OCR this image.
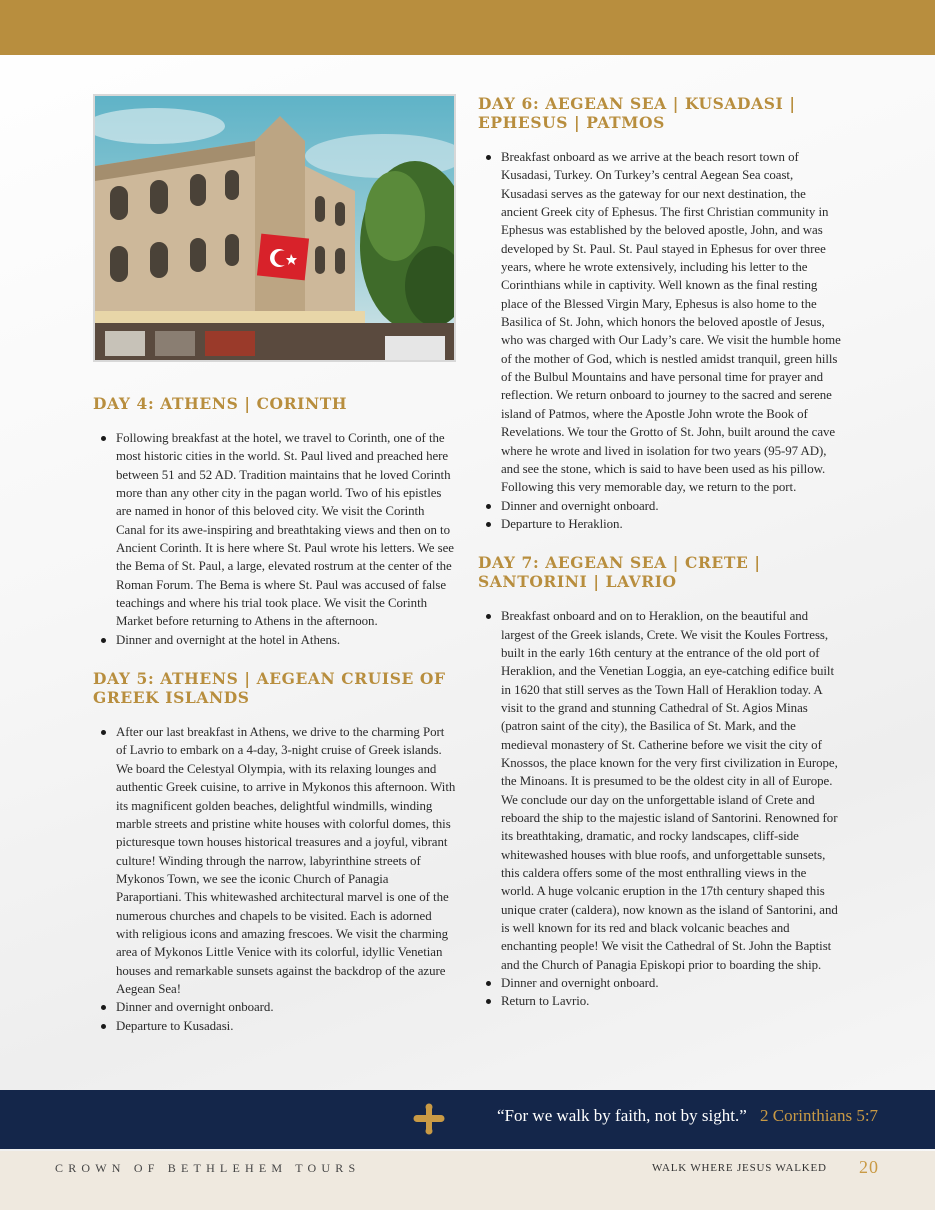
DAY 4: ATHENS | CORINTH
Following breakfast at the hotel, we travel to Corinth, one of the most historic cities in the world. St. Paul lived and preached here between 51 and 52 AD. Tradition maintains that he loved Corinth more than any other city in the pagan world. Two of his epistles are named in honor of this beloved city. We visit the Corinth Canal for its awe-inspiring and breathtaking views and then on to Ancient Corinth. It is here where St. Paul wrote his letters. We see the Bema of St. Paul, a large, elevated rostrum at the center of the Roman Forum. The Bema is where St. Paul was accused of false teachings and where his trial took place. We visit the Corinth Market before returning to Athens in the afternoon.
Dinner and overnight at the hotel in Athens.
DAY 5: ATHENS | AEGEAN CRUISE OF GREEK ISLANDS
After our last breakfast in Athens, we drive to the charming Port of Lavrio to embark on a 4-day, 3-night cruise of Greek islands. We board the Celestyal Olympia, with its relaxing lounges and authentic Greek cuisine, to arrive in Mykonos this afternoon. With its magnificent golden beaches, delightful windmills, winding marble streets and pristine white houses with colorful domes, this picturesque town houses historical treasures and a joyful, vibrant culture! Winding through the narrow, labyrinthine streets of Mykonos Town, we see the iconic Church of Panagia Paraportiani. This whitewashed architectural marvel is one of the numerous churches and chapels to be visited. Each is adorned with religious icons and amazing frescoes. We visit the charming area of Mykonos Little Venice with its colorful, idyllic Venetian houses and remarkable sunsets against the backdrop of the azure Aegean Sea!
Dinner and overnight onboard.
Departure to Kusadasi.
DAY 6: AEGEAN SEA | KUSADASI | EPHESUS | PATMOS
Breakfast onboard as we arrive at the beach resort town of Kusadasi, Turkey. On Turkey’s central Aegean Sea coast, Kusadasi serves as the gateway for our next destination, the ancient Greek city of Ephesus. The first Christian community in Ephesus was established by the beloved apostle, John, and was developed by St. Paul. St. Paul stayed in Ephesus for over three years, where he wrote extensively, including his letter to the Corinthians while in captivity. Well known as the final resting place of the Blessed Virgin Mary, Ephesus is also home to the Basilica of St. John, which honors the beloved apostle of Jesus, who was charged with Our Lady’s care. We visit the humble home of the mother of God, which is nestled amidst tranquil, green hills of the Bulbul Mountains and have personal time for prayer and reflection. We return onboard to journey to the sacred and serene island of Patmos, where the Apostle John wrote the Book of Revelations. We tour the Grotto of St. John, built around the cave where he wrote and lived in isolation for two years (95-97 AD), and see the stone, which is said to have been used as his pillow. Following this very memorable day, we return to the port.
Dinner and overnight onboard.
Departure to Heraklion.
DAY 7: AEGEAN SEA | CRETE | SANTORINI | LAVRIO
Breakfast onboard and on to Heraklion, on the beautiful and largest of the Greek islands, Crete. We visit the Koules Fortress, built in the early 16th century at the entrance of the old port of Heraklion, and the Venetian Loggia, an eye-catching edifice built in 1620 that still serves as the Town Hall of Heraklion today. A visit to the grand and stunning Cathedral of St. Agios Minas (patron saint of the city), the Basilica of St. Mark, and the medieval monastery of St. Catherine before we visit the city of Knossos, the place known for the very first civilization in Europe, the Minoans. It is presumed to be the oldest city in all of Europe. We conclude our day on the unforgettable island of Crete and reboard the ship to the majestic island of Santorini. Renowned for its breathtaking, dramatic, and rocky landscapes, cliff-side whitewashed houses with blue roofs, and unforgettable sunsets, this caldera offers some of the most enthralling views in the world. A huge volcanic eruption in the 17th century shaped this unique crater (caldera), now known as the island of Santorini, and is well known for its red and black volcanic beaches and enchanting people! We visit the Cathedral of St. John the Baptist and the Church of Panagia Episkopi prior to boarding the ship.
Dinner and overnight onboard.
Return to Lavrio.
“For we walk by faith, not by sight.” 2 Corinthians 5:7
CROWN OF BETHLEHEM TOURS	WALK WHERE JESUS WALKED 20
